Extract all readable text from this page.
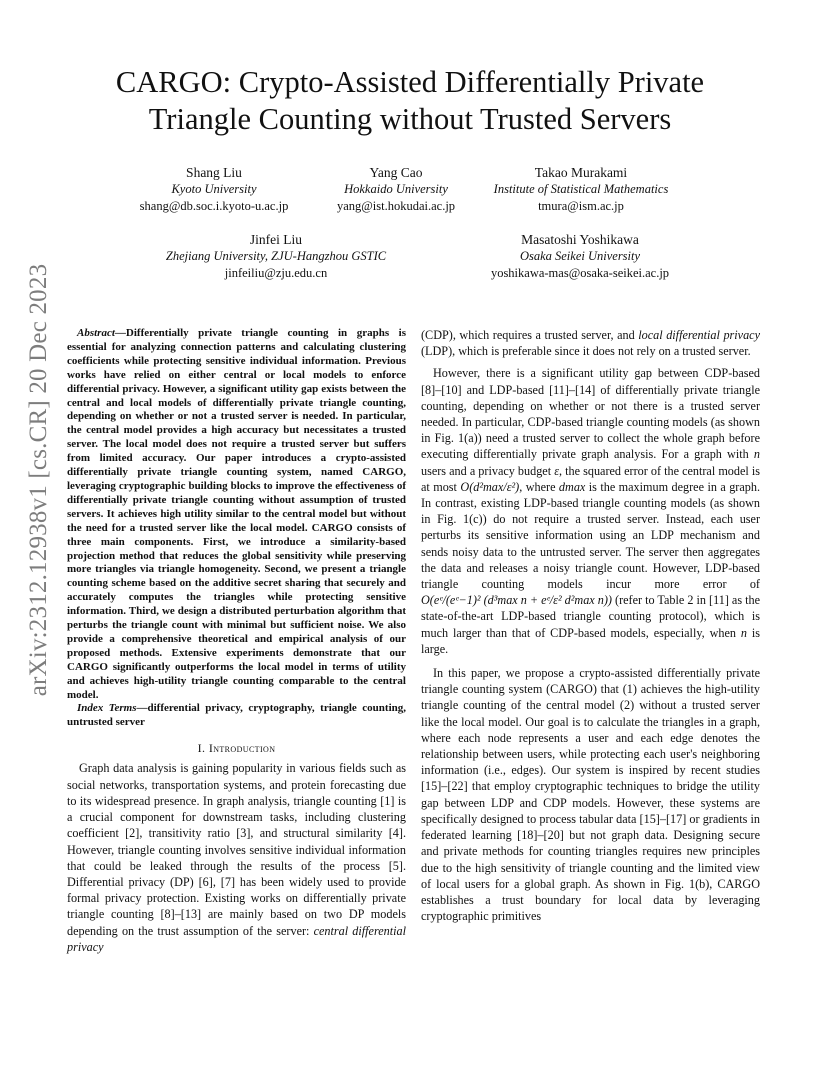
arXiv:2312.12938v1 [cs.CR] 20 Dec 2023
CARGO: Crypto-Assisted Differentially Private
Triangle Counting without Trusted Servers
Shang Liu
Kyoto University
shang@db.soc.i.kyoto-u.ac.jp
Yang Cao
Hokkaido University
yang@ist.hokudai.ac.jp
Takao Murakami
Institute of Statistical Mathematics
tmura@ism.ac.jp
Jinfei Liu
Zhejiang University, ZJU-Hangzhou GSTIC
jinfeiliu@zju.edu.cn
Masatoshi Yoshikawa
Osaka Seikei University
yoshikawa-mas@osaka-seikei.ac.jp

Abstract—Differentially private triangle counting in graphs is essential for analyzing connection patterns and calculating clustering coefficients while protecting sensitive individual information. Previous works have relied on either central or local models to enforce differential privacy. However, a significant utility gap exists between the central and local models of differentially private triangle counting, depending on whether or not a trusted server is needed. In particular, the central model provides a high accuracy but necessitates a trusted server. The local model does not require a trusted server but suffers from limited accuracy. Our paper introduces a crypto-assisted differentially private triangle counting system, named CARGO, leveraging cryptographic building blocks to improve the effectiveness of differentially private triangle counting without assumption of trusted servers. It achieves high utility similar to the central model but without the need for a trusted server like the local model. CARGO consists of three main components. First, we introduce a similarity-based projection method that reduces the global sensitivity while preserving more triangles via triangle homogeneity. Second, we present a triangle counting scheme based on the additive secret sharing that securely and accurately computes the triangles while protecting sensitive information. Third, we design a distributed perturbation algorithm that perturbs the triangle count with minimal but sufficient noise. We also provide a comprehensive theoretical and empirical analysis of our proposed methods. Extensive experiments demonstrate that our CARGO significantly outperforms the local model in terms of utility and achieves high-utility triangle counting comparable to the central model.

Index Terms—differential privacy, cryptography, triangle counting, untrusted server

I. Introduction

Graph data analysis is gaining popularity in various fields such as social networks, transportation systems, and protein forecasting due to its widespread presence. In graph analysis, triangle counting [1] is a crucial component for downstream tasks, including clustering coefficient [2], transitivity ratio [3], and structural similarity [4]. However, triangle counting involves sensitive individual information that could be leaked through the results of the process [5]. Differential privacy (DP) [6], [7] has been widely used to provide formal privacy protection. Existing works on differentially private triangle counting [8]–[13] are mainly based on two DP models depending on the trust assumption of the server: central differential privacy

(CDP), which requires a trusted server, and local differential privacy (LDP), which is preferable since it does not rely on a trusted server.

However, there is a significant utility gap between CDP-based [8]–[10] and LDP-based [11]–[14] of differentially private triangle counting, depending on whether or not there is a trusted server needed. In particular, CDP-based triangle counting models (as shown in Fig. 1(a)) need a trusted server to collect the whole graph before executing differentially private graph analysis. For a graph with n users and a privacy budget ε, the squared error of the central model is at most O(d²max/ε²), where dmax is the maximum degree in a graph. In contrast, existing LDP-based triangle counting models (as shown in Fig. 1(c)) do not require a trusted server. Instead, each user perturbs its sensitive information using an LDP mechanism and sends noisy data to the untrusted server. The server then aggregates the data and releases a noisy triangle count. However, LDP-based triangle counting models incur more error of O(eᵉ/(eᵉ−1)² (d³max n + eᵉ/ε² d²max n)) (refer to Table 2 in [11] as the state-of-the-art LDP-based triangle counting protocol), which is much larger than that of CDP-based models, especially, when n is large.

In this paper, we propose a crypto-assisted differentially private triangle counting system (CARGO) that (1) achieves the high-utility triangle counting of the central model (2) without a trusted server like the local model. Our goal is to calculate the triangles in a graph, where each node represents a user and each edge denotes the relationship between users, while protecting each user's neighboring information (i.e., edges). Our system is inspired by recent studies [15]–[22] that employ cryptographic techniques to bridge the utility gap between LDP and CDP models. However, these systems are specifically designed to process tabular data [15]–[17] or gradients in federated learning [18]–[20] but not graph data. Designing secure and private methods for counting triangles requires new principles due to the high sensitivity of triangle counting and the limited view of local users for a global graph. As shown in Fig. 1(b), CARGO establishes a trust boundary for local data by leveraging cryptographic primitives
